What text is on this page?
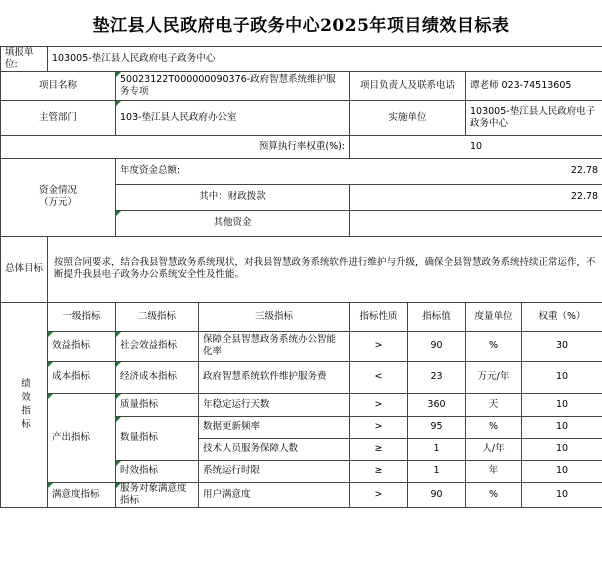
垫江县人民政府电子政务中心2025年项目绩效目标表
填报单位:	103005-垫江县人民政府电子政务中心						
项目名称		50023122T000000090376-政府智慧系统维护服务专项		项目负责人及联系电话		谭老师 023-74513605	
主管部门		103-垫江县人民政府办公室		实施单位		103005-垫江县人民政府电子政务中心	
预算执行率权重(%):				10			
资金情况
（万元）		年度资金总额: 22.78					

		其中：财政拨款		22.78			
		其他资金					
总体目标	按照合同要求，结合我县智慧政务系统现状，对我县智慧政务系统软件进行维护与升级，确保全县智慧政务系统持续正常运作，不断提升我县电子政务办公系统安全性及性能。						

绩效指标	一级指标	二级指标	三级指标	指标性质	指标值	度量单位	权重（%）
	效益指标	社会效益指标	保障全县智慧政务系统办公智能化率	>	90	%	30
	成本指标	经济成本指标	政府智慧系统软件维护服务费	<	23	万元/年	10
	产出指标	质量指标	年稳定运行天数	>	360	天	10
		数量指标	数据更新频率	>	95	%	10
			技术人员服务保障人数	≥	1	人/年	10
		时效指标	系统运行时限	≥	1	年	10
	满意度指标	服务对象满意度指标	用户满意度	>	90	%	10
